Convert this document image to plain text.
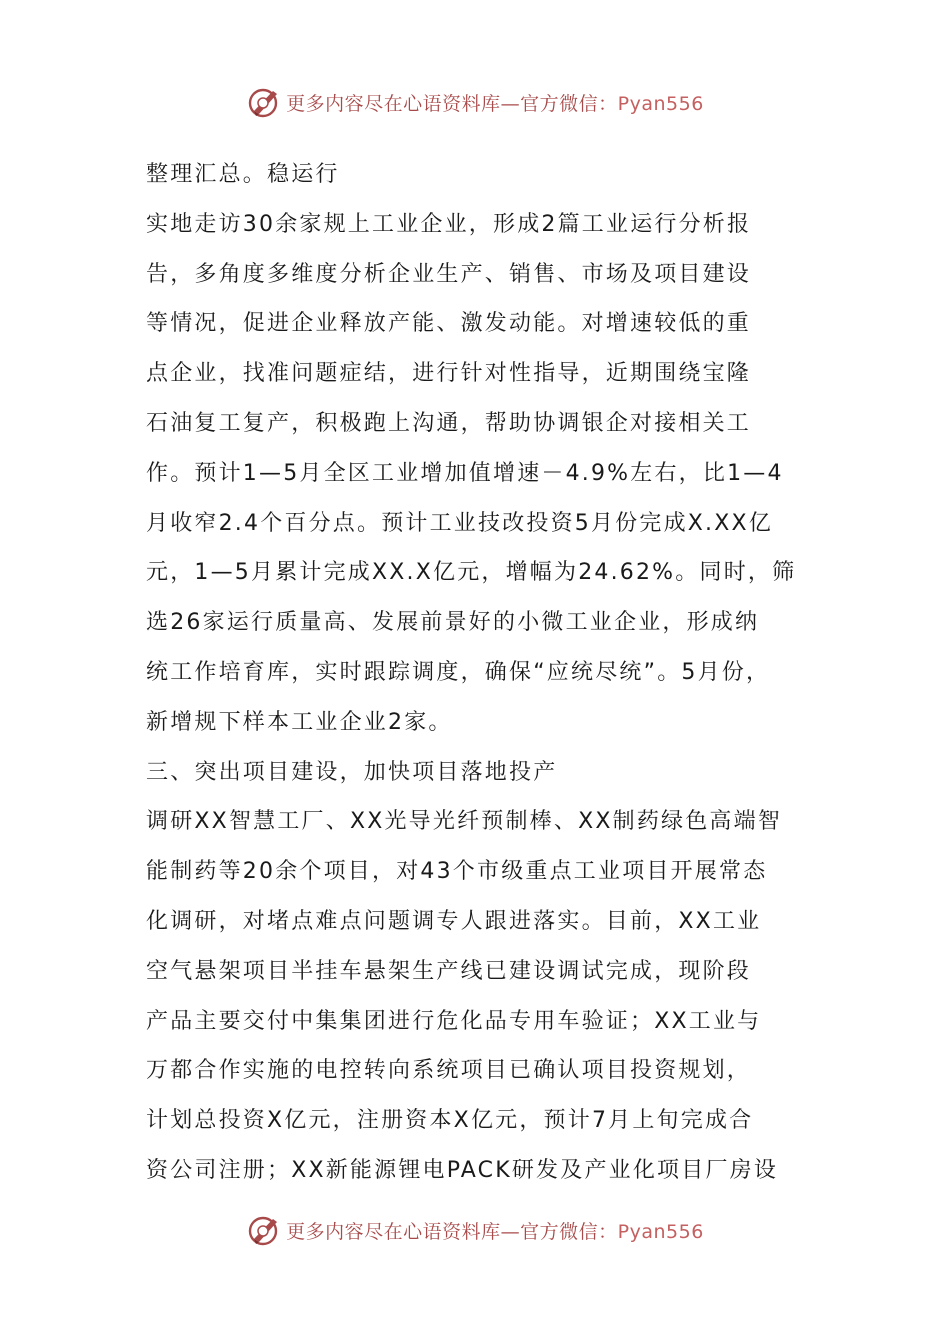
更多内容尽在心语资料库—官方微信：Pyan556
整理汇总。稳运行
实地走访30余家规上工业企业，形成2篇工业运行分析报
告，多角度多维度分析企业生产、销售、市场及项目建设
等情况，促进企业释放产能、激发动能。对增速较低的重
点企业，找准问题症结，进行针对性指导，近期围绕宝隆
石油复工复产，积极跑上沟通，帮助协调银企对接相关工
作。预计1—5月全区工业增加值增速－4.9%左右，比1—4
月收窄2.4个百分点。预计工业技改投资5月份完成X.XX亿
元，1—5月累计完成XX.X亿元，增幅为24.62%。同时，筛
选26家运行质量高、发展前景好的小微工业企业，形成纳
统工作培育库，实时跟踪调度，确保“应统尽统”。5月份，
新增规下样本工业企业2家。
三、突出项目建设，加快项目落地投产
调研XX智慧工厂、XX光导光纤预制棒、XX制药绿色高端智
能制药等20余个项目，对43个市级重点工业项目开展常态
化调研，对堵点难点问题调专人跟进落实。目前，XX工业
空气悬架项目半挂车悬架生产线已建设调试完成，现阶段
产品主要交付中集集团进行危化品专用车验证；XX工业与
万都合作实施的电控转向系统项目已确认项目投资规划，
计划总投资X亿元，注册资本X亿元，预计7月上旬完成合
资公司注册；XX新能源锂电PACK研发及产业化项目厂房设
更多内容尽在心语资料库—官方微信：Pyan556
